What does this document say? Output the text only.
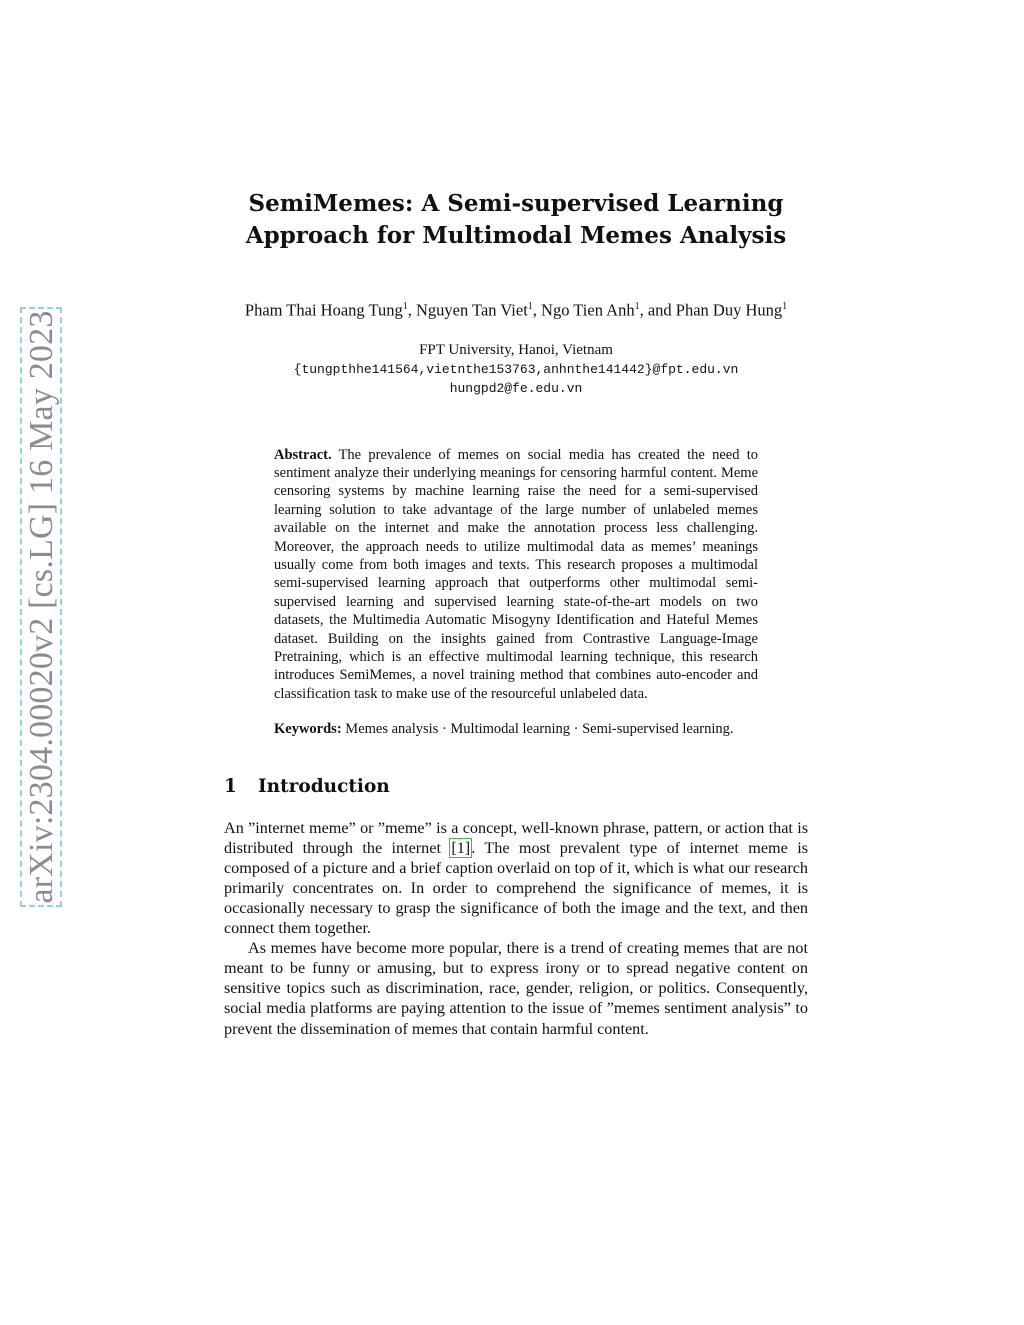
arXiv:2304.00020v2 [cs.LG] 16 May 2023
SemiMemes: A Semi-supervised Learning
Approach for Multimodal Memes Analysis
Pham Thai Hoang Tung$^1$, Nguyen Tan Viet$^1$, Ngo Tien Anh$^1$, and Phan Duy Hung$^1$
FPT University, Hanoi, Vietnam
{tungpthhe141564,vietnthe153763,anhnthe141442}@fpt.edu.vn
hungpd2@fe.edu.vn
Abstract. The prevalence of memes on social media has created the need to sentiment analyze their underlying meanings for censoring harmful content. Meme censoring systems by machine learning raise the need for a semi-supervised learning solution to take advantage of the large number of unlabeled memes available on the internet and make the annotation process less challenging. Moreover, the approach needs to utilize multimodal data as memes’ meanings usually come from both images and texts. This research proposes a multimodal semi-supervised learning approach that outperforms other multimodal semi-supervised learning and supervised learning state-of-the-art models on two datasets, the Multimedia Automatic Misogyny Identification and Hateful Memes dataset. Building on the insights gained from Contrastive Language-Image Pretraining, which is an effective multimodal learning technique, this research introduces SemiMemes, a novel training method that combines auto-encoder and classification task to make use of the resourceful unlabeled data.
Keywords: Memes analysis · Multimodal learning · Semi-supervised learning.
1 Introduction

An ”internet meme” or ”meme” is a concept, well-known phrase, pattern, or action that is distributed through the internet [1]. The most prevalent type of internet meme is composed of a picture and a brief caption overlaid on top of it, which is what our research primarily concentrates on. In order to comprehend the significance of memes, it is occasionally necessary to grasp the significance of both the image and the text, and then connect them together.

As memes have become more popular, there is a trend of creating memes that are not meant to be funny or amusing, but to express irony or to spread negative content on sensitive topics such as discrimination, race, gender, religion, or politics. Consequently, social media platforms are paying attention to the issue of ”memes sentiment analysis” to prevent the dissemination of memes that contain harmful content.
